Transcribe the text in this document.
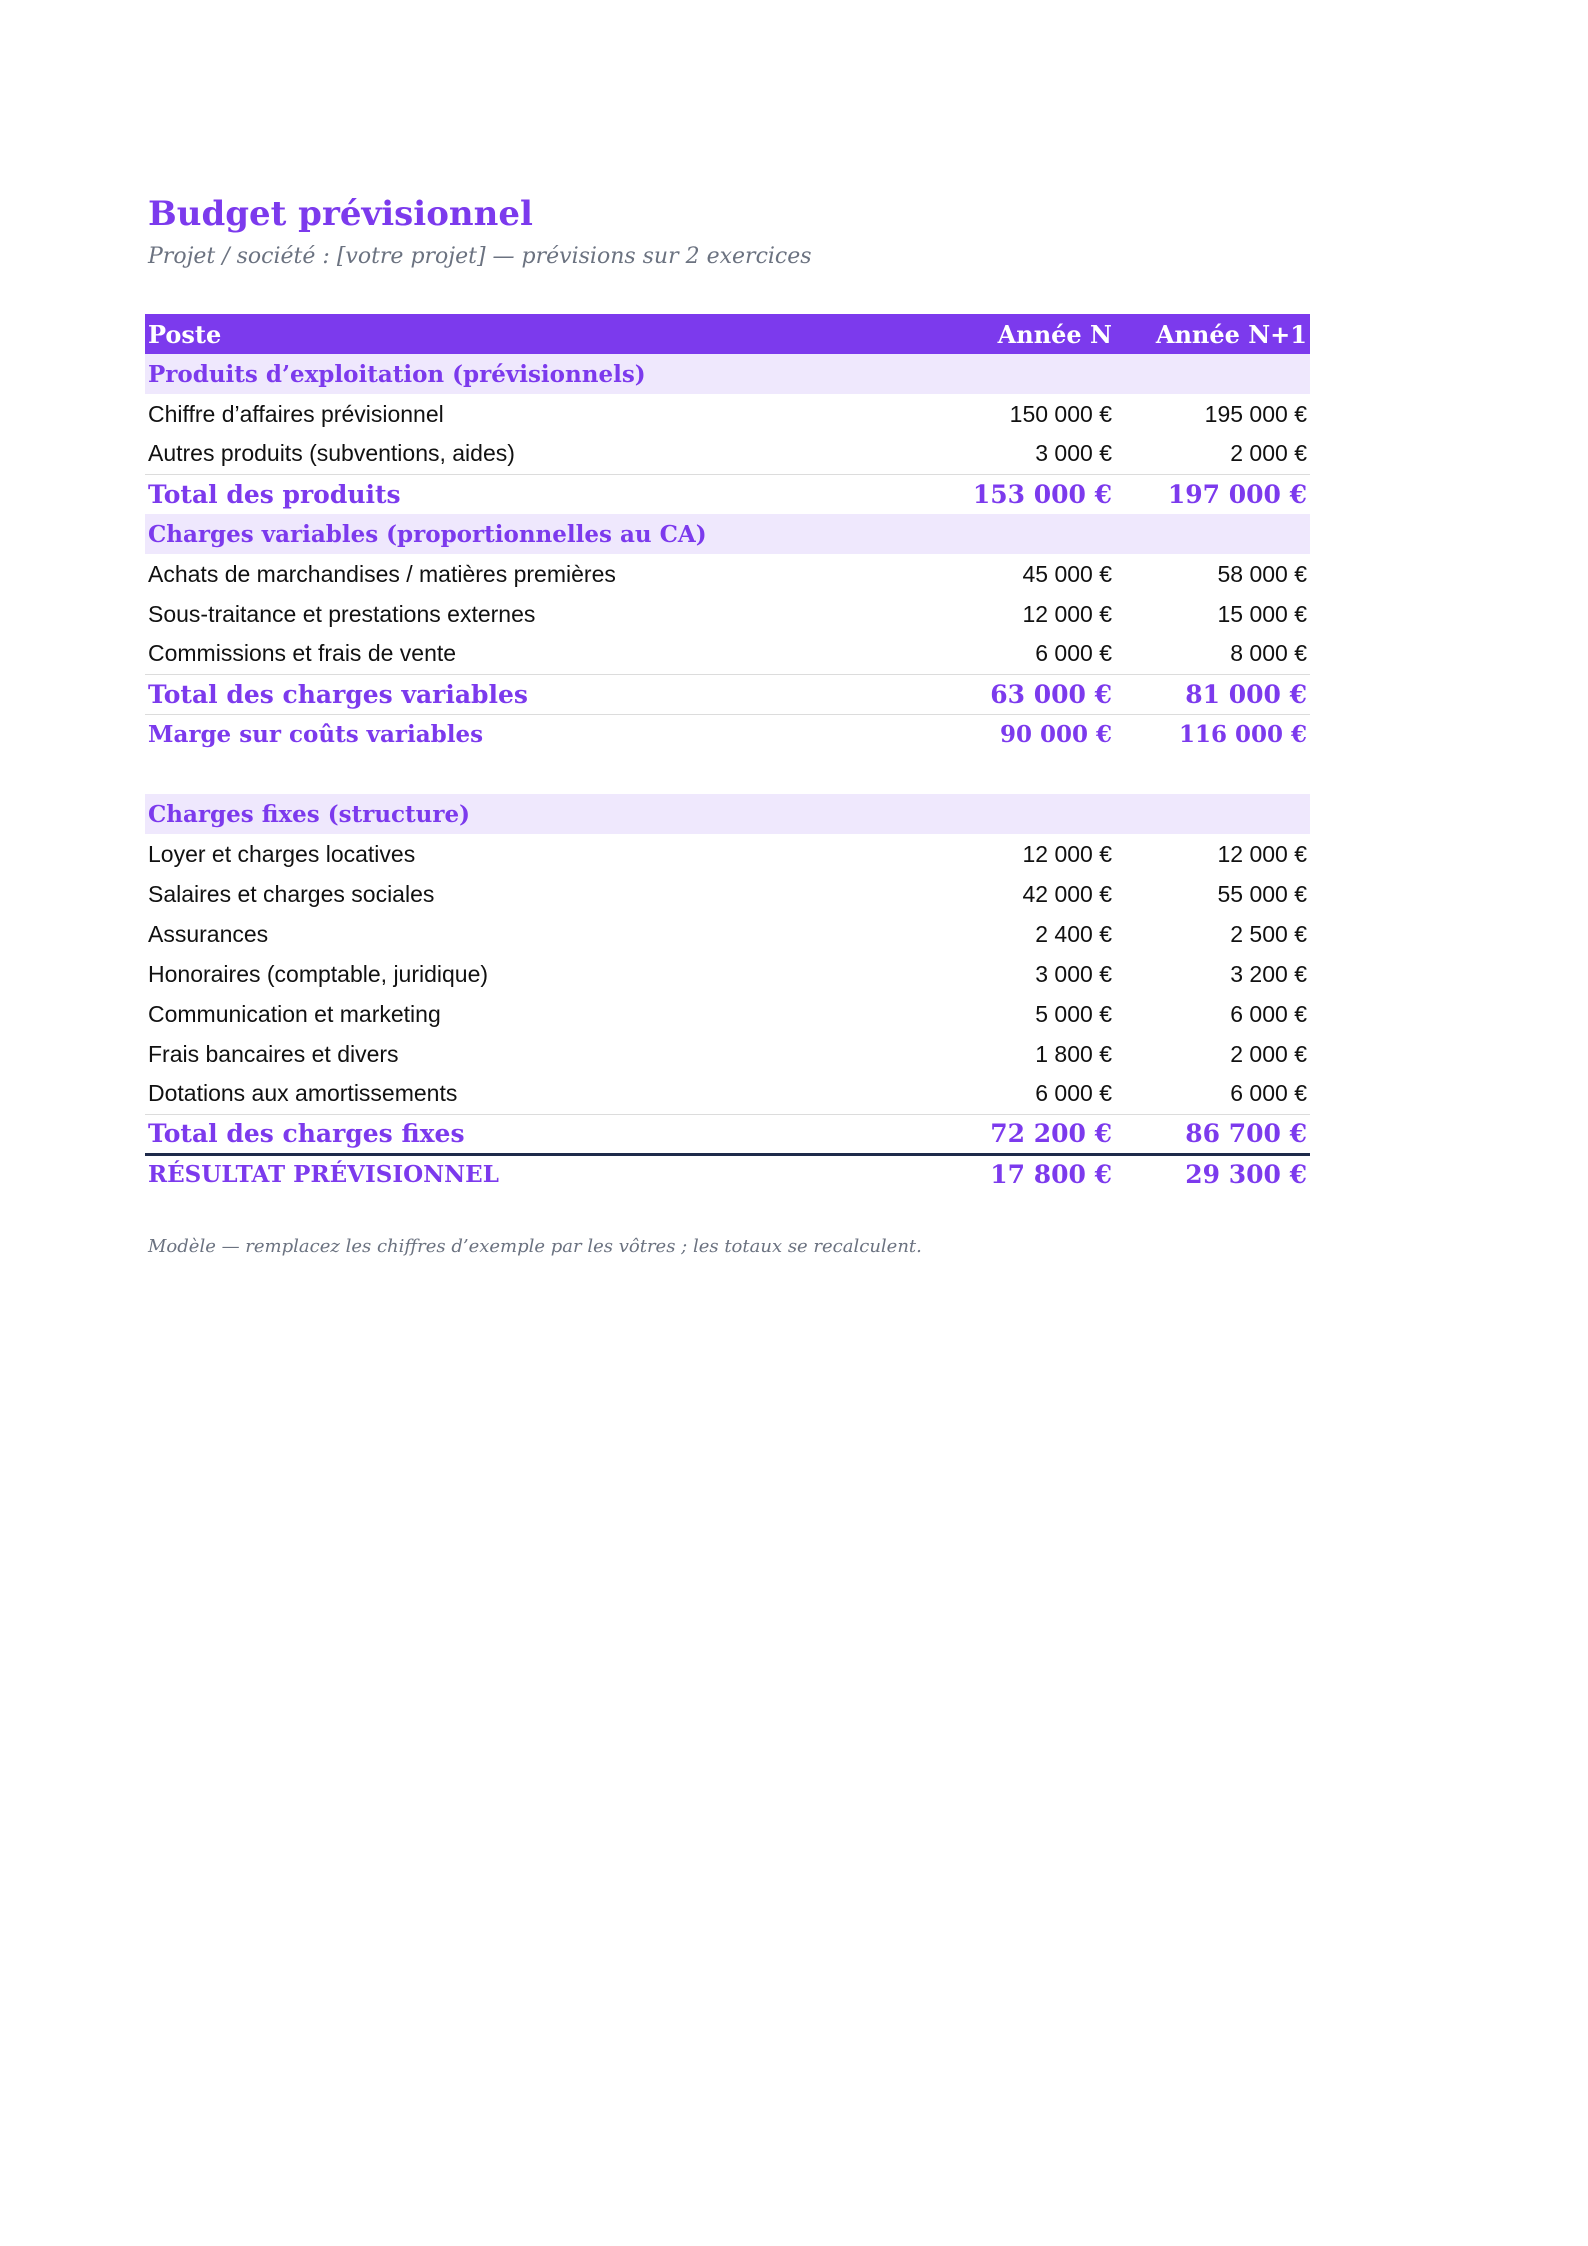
Budget prévisionnel
Projet / société : [votre projet] — prévisions sur 2 exercices
Poste	Année N	Année N+1
Produits d’exploitation (prévisionnels)		
Chiffre d’affaires prévisionnel	150 000 €	195 000 €
Autres produits (subventions, aides)	3 000 €	2 000 €
Total des produits	153 000 €	197 000 €
Charges variables (proportionnelles au CA)		
Achats de marchandises / matières premières	45 000 €	58 000 €
Sous-traitance et prestations externes	12 000 €	15 000 €
Commissions et frais de vente	6 000 €	8 000 €
Total des charges variables	63 000 €	81 000 €
Marge sur coûts variables	90 000 €	116 000 €

Charges fixes (structure)		
Loyer et charges locatives	12 000 €	12 000 €
Salaires et charges sociales	42 000 €	55 000 €
Assurances	2 400 €	2 500 €
Honoraires (comptable, juridique)	3 000 €	3 200 €
Communication et marketing	5 000 €	6 000 €
Frais bancaires et divers	1 800 €	2 000 €
Dotations aux amortissements	6 000 €	6 000 €
Total des charges fixes	72 200 €	86 700 €
RÉSULTAT PRÉVISIONNEL	17 800 €	29 300 €
Modèle — remplacez les chiffres d’exemple par les vôtres ; les totaux se recalculent.
